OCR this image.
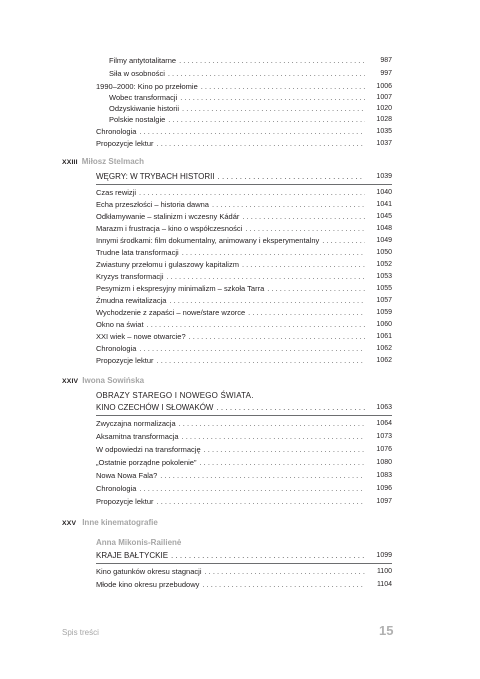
Filmy antytotalitarne . . .	987
Siła w osobności . . .	997
1990–2000: Kino po przełomie . . .	1006
Wobec transformacji . . .	1007
Odzyskiwanie historii . . .	1020
Polskie nostalgie . . .	1028
Chronologia . . .	1035
Propozycje lektur . . .	1037
XXIII Miłosz Stelmach
WĘGRY: W TRYBACH HISTORII . . .	1039
Czas rewizji . . .	1040
Echa przeszłości – historia dawna . . .	1041
Odkłamywanie – stalinizm i wczesny Kádár . . .	1045
Marazm i frustracja – kino o współczesności . . .	1048
Innymi środkami: film dokumentalny, animowany i eksperymentalny . . .	1049
Trudne lata transformacji . . .	1050
Zwiastuny przełomu i gulaszowy kapitalizm . . .	1052
Kryzys transformacji . . .	1053
Pesymizm i ekspresyjny minimalizm – szkoła Tarra . . .	1055
Żmudna rewitalizacja . . .	1057
Wychodzenie z zapaści – nowe/stare wzorce . . .	1059
Okno na świat . . .	1060
XXI wiek – nowe otwarcie? . . .	1061
Chronologia . . .	1062
Propozycje lektur . . .	1062
XXIV Iwona Sowińska
OBRAZY STAREGO I NOWEGO ŚWIATA.
KINO CZECHÓW I SŁOWAKÓW . . .	1063
Zwyczajna normalizacja . . .	1064
Aksamitna transformacja . . .	1073
W odpowiedzi na transformację . . .	1076
„Ostatnie porządne pokolenie” . . .	1080
Nowa Nowa Fala? . . .	1083
Chronologia . . .	1096
Propozycje lektur . . .	1097
XXV Inne kinematografie
Anna Mikonis-Railienė
KRAJE BAŁTYCKIE . . .	1099
Kino gatunków okresu stagnacji . . .	1100
Młode kino okresu przebudowy . . .	1104
Spis treści	15
